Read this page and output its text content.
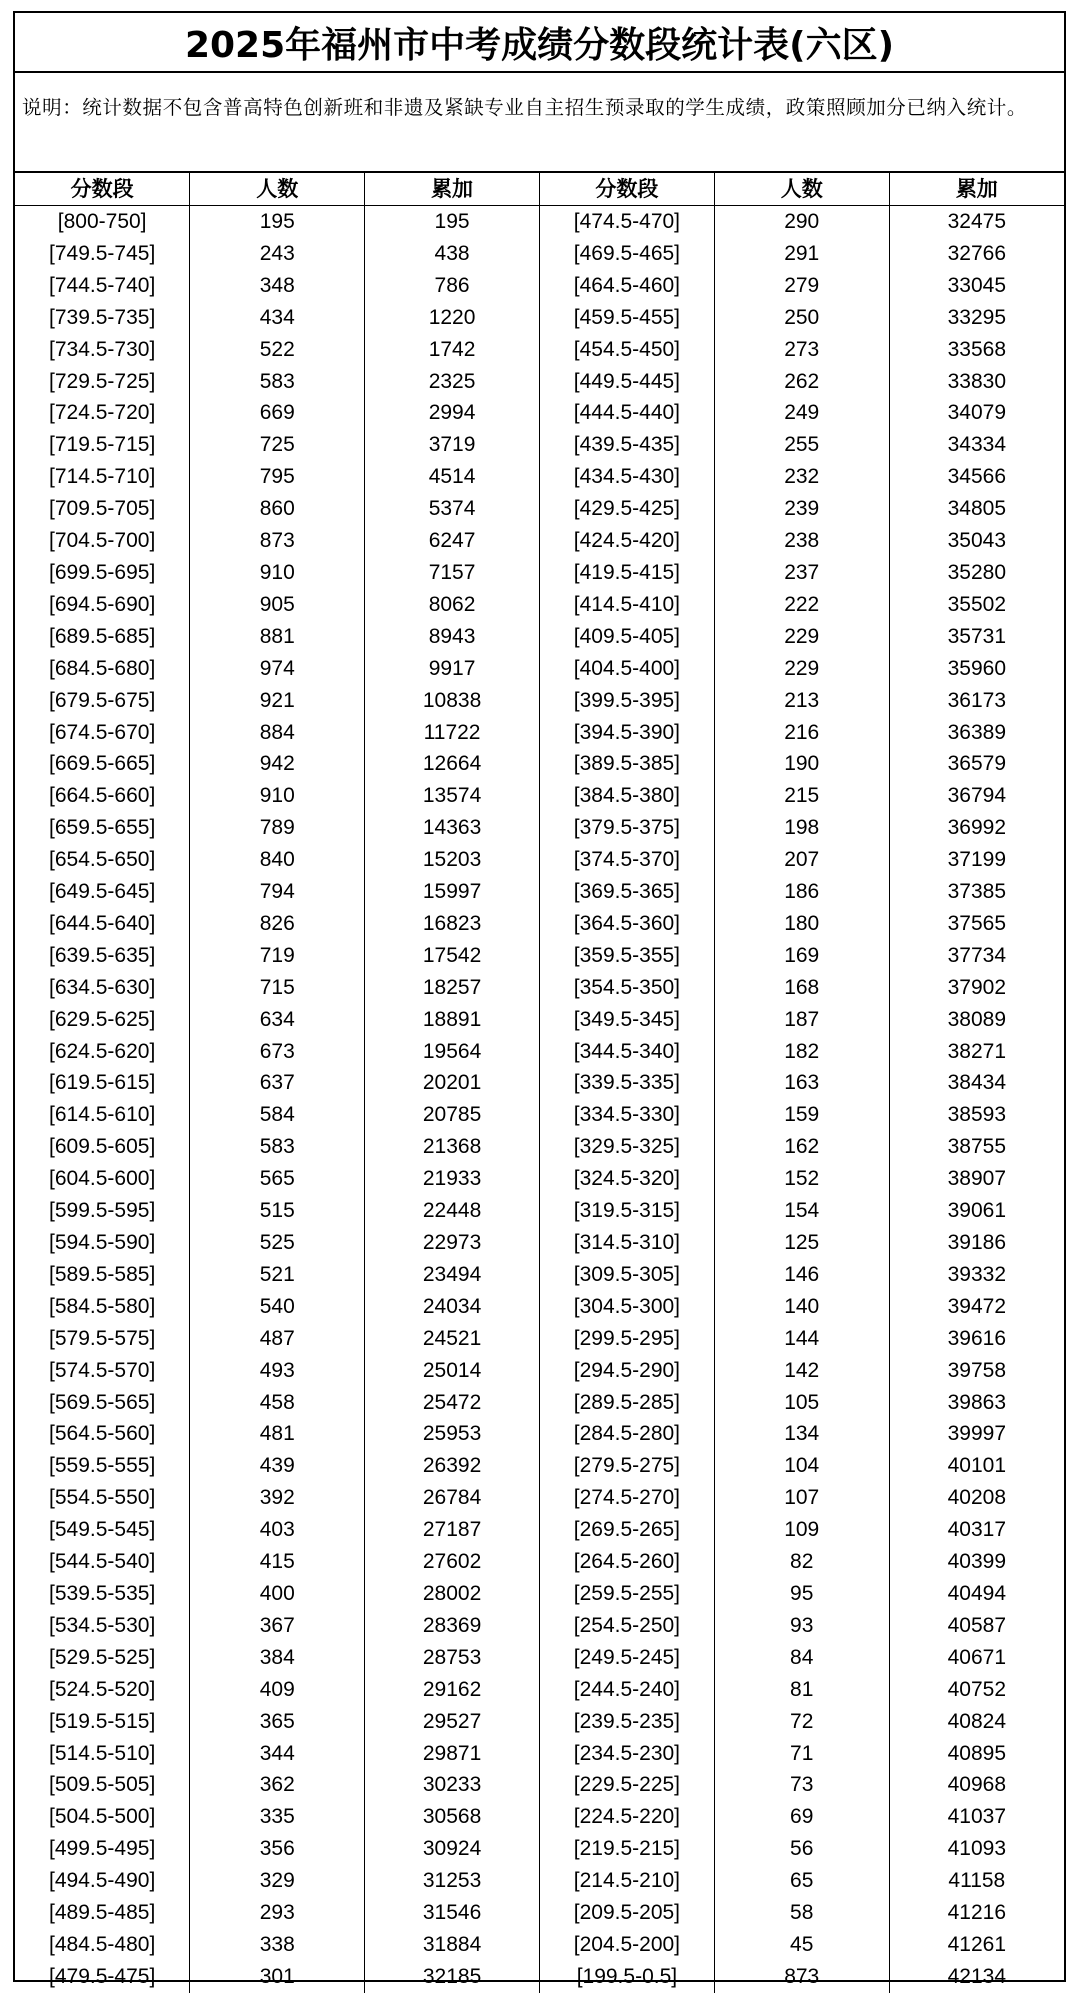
2025年福州市中考成绩分数段统计表(六区)
说明：统计数据不包含普高特色创新班和非遗及紧缺专业自主招生预录取的学生成绩，政策照顾加分已纳入统计。
分数段	人数	累加	分数段	人数	累加
[800-750]	195	195	[474.5-470]	290	32475
[749.5-745]	243	438	[469.5-465]	291	32766
[744.5-740]	348	786	[464.5-460]	279	33045
[739.5-735]	434	1220	[459.5-455]	250	33295
[734.5-730]	522	1742	[454.5-450]	273	33568
[729.5-725]	583	2325	[449.5-445]	262	33830
[724.5-720]	669	2994	[444.5-440]	249	34079
[719.5-715]	725	3719	[439.5-435]	255	34334
[714.5-710]	795	4514	[434.5-430]	232	34566
[709.5-705]	860	5374	[429.5-425]	239	34805
[704.5-700]	873	6247	[424.5-420]	238	35043
[699.5-695]	910	7157	[419.5-415]	237	35280
[694.5-690]	905	8062	[414.5-410]	222	35502
[689.5-685]	881	8943	[409.5-405]	229	35731
[684.5-680]	974	9917	[404.5-400]	229	35960
[679.5-675]	921	10838	[399.5-395]	213	36173
[674.5-670]	884	11722	[394.5-390]	216	36389
[669.5-665]	942	12664	[389.5-385]	190	36579
[664.5-660]	910	13574	[384.5-380]	215	36794
[659.5-655]	789	14363	[379.5-375]	198	36992
[654.5-650]	840	15203	[374.5-370]	207	37199
[649.5-645]	794	15997	[369.5-365]	186	37385
[644.5-640]	826	16823	[364.5-360]	180	37565
[639.5-635]	719	17542	[359.5-355]	169	37734
[634.5-630]	715	18257	[354.5-350]	168	37902
[629.5-625]	634	18891	[349.5-345]	187	38089
[624.5-620]	673	19564	[344.5-340]	182	38271
[619.5-615]	637	20201	[339.5-335]	163	38434
[614.5-610]	584	20785	[334.5-330]	159	38593
[609.5-605]	583	21368	[329.5-325]	162	38755
[604.5-600]	565	21933	[324.5-320]	152	38907
[599.5-595]	515	22448	[319.5-315]	154	39061
[594.5-590]	525	22973	[314.5-310]	125	39186
[589.5-585]	521	23494	[309.5-305]	146	39332
[584.5-580]	540	24034	[304.5-300]	140	39472
[579.5-575]	487	24521	[299.5-295]	144	39616
[574.5-570]	493	25014	[294.5-290]	142	39758
[569.5-565]	458	25472	[289.5-285]	105	39863
[564.5-560]	481	25953	[284.5-280]	134	39997
[559.5-555]	439	26392	[279.5-275]	104	40101
[554.5-550]	392	26784	[274.5-270]	107	40208
[549.5-545]	403	27187	[269.5-265]	109	40317
[544.5-540]	415	27602	[264.5-260]	82	40399
[539.5-535]	400	28002	[259.5-255]	95	40494
[534.5-530]	367	28369	[254.5-250]	93	40587
[529.5-525]	384	28753	[249.5-245]	84	40671
[524.5-520]	409	29162	[244.5-240]	81	40752
[519.5-515]	365	29527	[239.5-235]	72	40824
[514.5-510]	344	29871	[234.5-230]	71	40895
[509.5-505]	362	30233	[229.5-225]	73	40968
[504.5-500]	335	30568	[224.5-220]	69	41037
[499.5-495]	356	30924	[219.5-215]	56	41093
[494.5-490]	329	31253	[214.5-210]	65	41158
[489.5-485]	293	31546	[209.5-205]	58	41216
[484.5-480]	338	31884	[204.5-200]	45	41261
[479.5-475]	301	32185	[199.5-0.5]	873	42134
